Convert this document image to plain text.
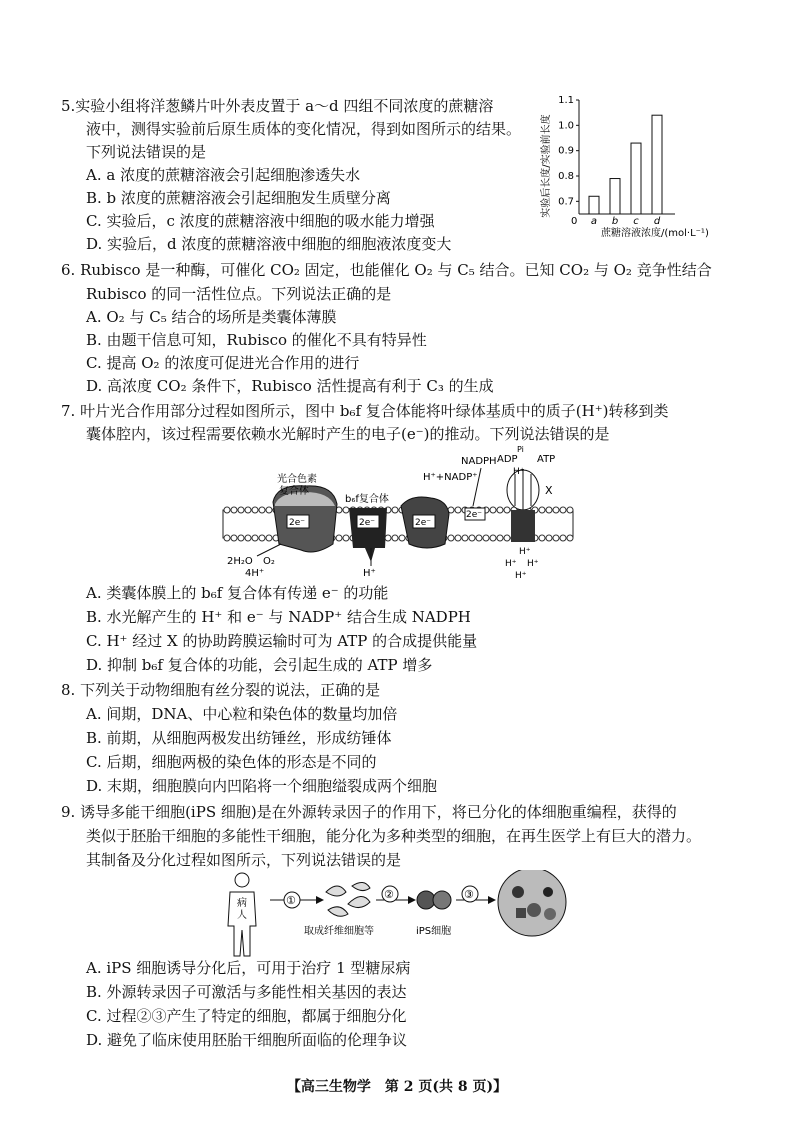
5.实验小组将洋葱鳞片叶外表皮置于 a～d 四组不同浓度的蔗糖溶
液中，测得实验前后原生质体的变化情况，得到如图所示的结果。
下列说法错误的是
A. a 浓度的蔗糖溶液会引起细胞渗透失水
B. b 浓度的蔗糖溶液会引起细胞发生质壁分离
C. 实验后，c 浓度的蔗糖溶液中细胞的吸水能力增强
D. 实验后，d 浓度的蔗糖溶液中细胞的细胞液浓度变大
实验后长度/实验前长度
0
0.7
0.8
0.9
1.0
1.1
a b c d
蔗糖溶液浓度/(mol·L⁻¹)
6. Rubisco 是一种酶，可催化 CO₂ 固定，也能催化 O₂ 与 C₅ 结合。已知 CO₂ 与 O₂ 竞争性结合
Rubisco 的同一活性位点。下列说法正确的是
A. O₂ 与 C₅ 结合的场所是类囊体薄膜
B. 由题干信息可知，Rubisco 的催化不具有特异性
C. 提高 O₂ 的浓度可促进光合作用的进行
D. 高浓度 CO₂ 条件下，Rubisco 活性提高有利于 C₃ 的生成
7. 叶片光合作用部分过程如图所示，图中 b₆f 复合体能将叶绿体基质中的质子(H⁺)转移到类
囊体腔内，该过程需要依赖水光解时产生的电子(e⁻)的推动。下列说法错误的是
2e⁻
光合色素
复合体
2e⁻
b₆f复合体
2e⁻
2e⁻
H⁺+NADP⁺
NADPH
X
ADP
Pi
ATP
H⁺
2H₂O O₂
4H⁺	H⁺
H⁺
H⁺ H⁺
H⁺
A. 类囊体膜上的 b₆f 复合体有传递 e⁻ 的功能
B. 水光解产生的 H⁺ 和 e⁻ 与 NADP⁺ 结合生成 NADPH
C. H⁺ 经过 X 的协助跨膜运输时可为 ATP 的合成提供能量
D. 抑制 b₆f 复合体的功能，会引起生成的 ATP 增多
8. 下列关于动物细胞有丝分裂的说法，正确的是
A. 间期，DNA、中心粒和染色体的数量均加倍
B. 前期，从细胞两极发出纺锤丝，形成纺锤体
C. 后期，细胞两极的染色体的形态是不同的
D. 末期，细胞膜向内凹陷将一个细胞缢裂成两个细胞
9. 诱导多能干细胞(iPS 细胞)是在外源转录因子的作用下，将已分化的体细胞重编程，获得的
类似于胚胎干细胞的多能性干细胞，能分化为多种类型的细胞，在再生医学上有巨大的潜力。
其制备及分化过程如图所示，下列说法错误的是
病
人
①
取成纤维细胞等
②
iPS细胞
③
A. iPS 细胞诱导分化后，可用于治疗 1 型糖尿病
B. 外源转录因子可激活与多能性相关基因的表达
C. 过程②③产生了特定的细胞，都属于细胞分化
D. 避免了临床使用胚胎干细胞所面临的伦理争议
【高三生物学　第 2 页(共 8 页)】
